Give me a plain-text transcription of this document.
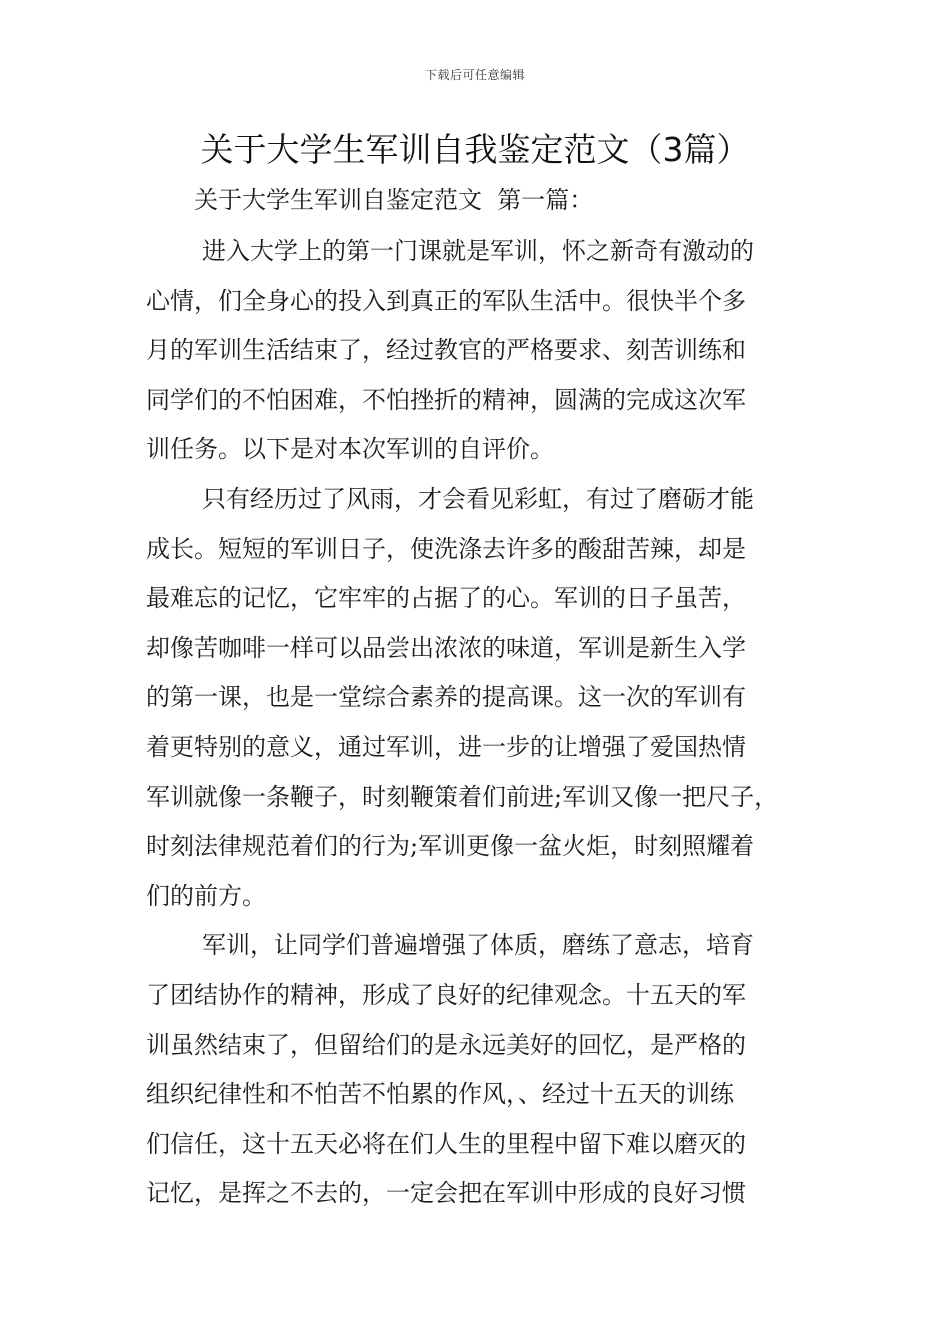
下载后可任意编辑
关于大学生军训自我鉴定范文（3篇）
关于大学生军训自鉴定范文  第一篇：
进入大学上的第一门课就是军训，怀之新奇有激动的
心情，们全身心的投入到真正的军队生活中。很快半个多
月的军训生活结束了，经过教官的严格要求、刻苦训练和
同学们的不怕困难，不怕挫折的精神，圆满的完成这次军
训任务。以下是对本次军训的自评价。
只有经历过了风雨，才会看见彩虹，有过了磨砺才能
成长。短短的军训日子，使洗涤去许多的酸甜苦辣，却是
最难忘的记忆，它牢牢的占据了的心。军训的日子虽苦，
却像苦咖啡一样可以品尝出浓浓的味道，军训是新生入学
的第一课，也是一堂综合素养的提高课。这一次的军训有
着更特别的意义，通过军训，进一步的让增强了爱国热情
军训就像一条鞭子，时刻鞭策着们前进;军训又像一把尺子，
时刻法律规范着们的行为;军训更像一盆火炬，时刻照耀着
们的前方。
军训，让同学们普遍增强了体质，磨练了意志，培育
了团结协作的精神，形成了良好的纪律观念。十五天的军
训虽然结束了，但留给们的是永远美好的回忆，是严格的
组织纪律性和不怕苦不怕累的作风，、经过十五天的训练
们信任，这十五天必将在们人生的里程中留下难以磨灭的
记忆，是挥之不去的，一定会把在军训中形成的良好习惯
